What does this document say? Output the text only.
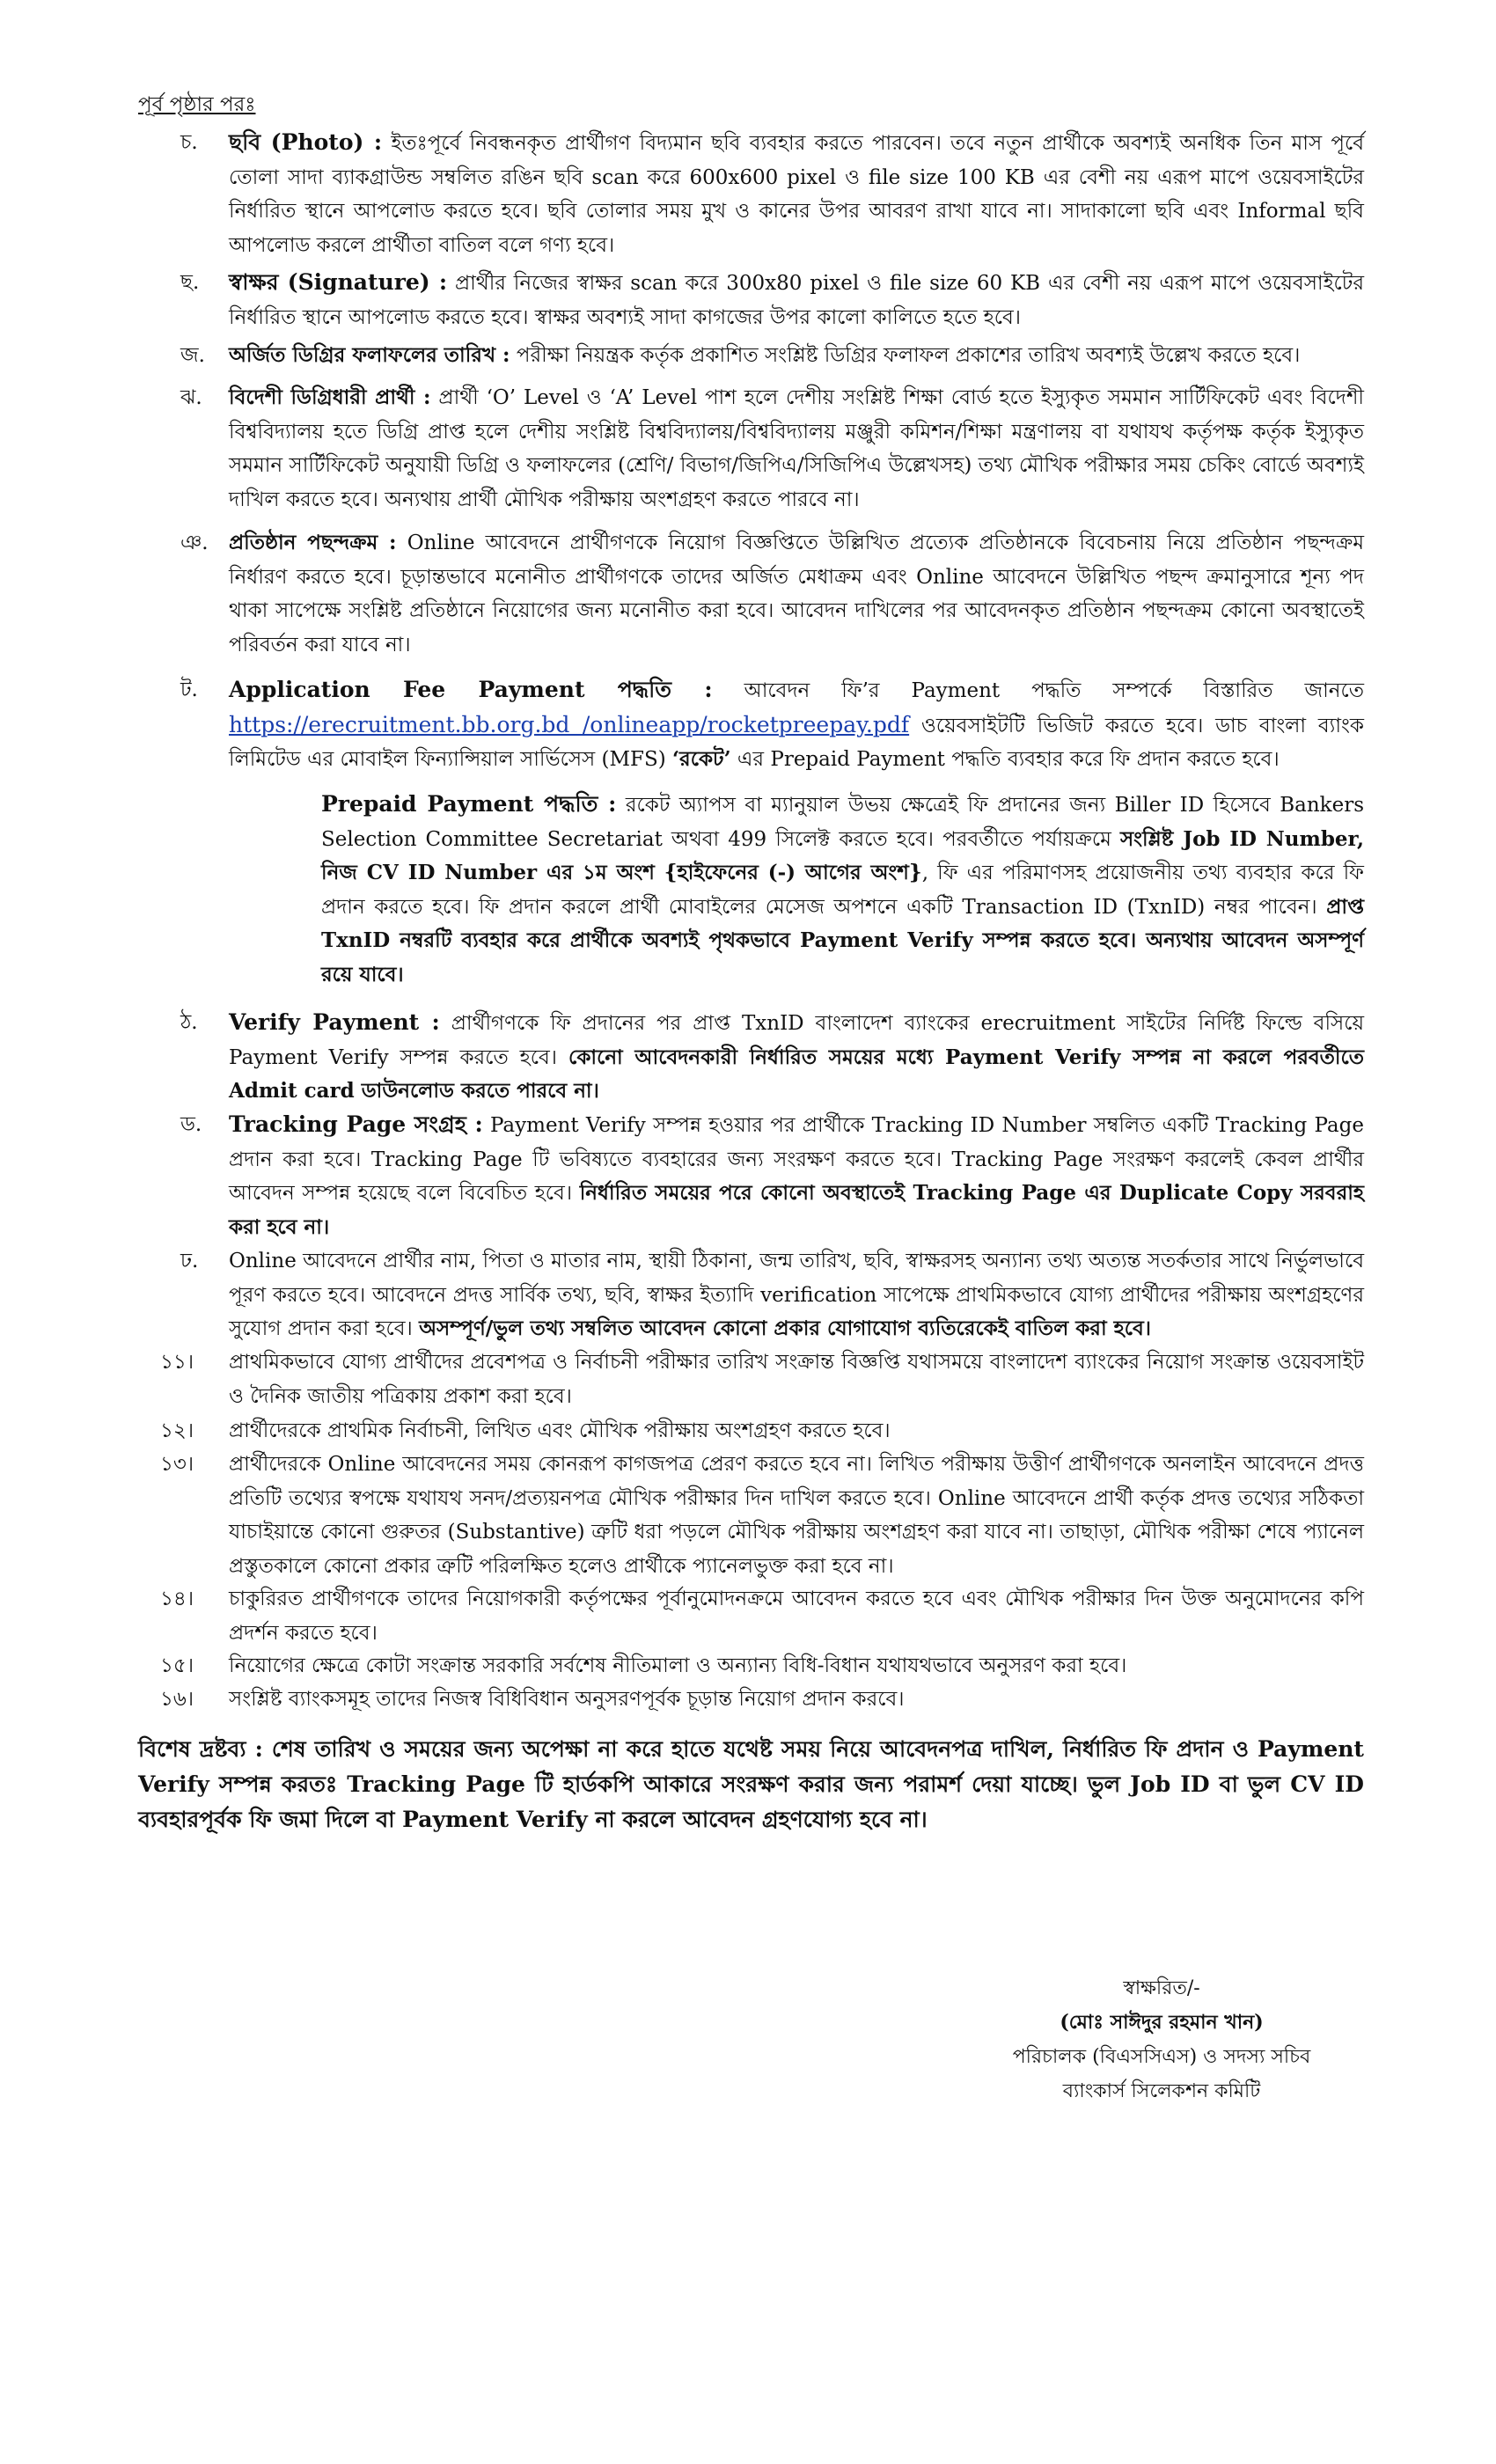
পূর্ব পৃষ্ঠার পরঃ
চ. ছবি (Photo) : ইতঃপূর্বে নিবন্ধনকৃত প্রার্থীগণ বিদ্যমান ছবি ব্যবহার করতে পারবেন। তবে নতুন প্রার্থীকে অবশ্যই অনধিক তিন মাস পূর্বে তোলা সাদা ব্যাকগ্রাউন্ড সম্বলিত রঙিন ছবি scan করে 600x600 pixel ও file size 100 KB এর বেশী নয় এরূপ মাপে ওয়েবসাইটের নির্ধারিত স্থানে আপলোড করতে হবে। ছবি তোলার সময় মুখ ও কানের উপর আবরণ রাখা যাবে না। সাদাকালো ছবি এবং Informal ছবি আপলোড করলে প্রার্থীতা বাতিল বলে গণ্য হবে।
ছ. স্বাক্ষর (Signature) : প্রার্থীর নিজের স্বাক্ষর scan করে 300x80 pixel ও file size 60 KB এর বেশী নয় এরূপ মাপে ওয়েবসাইটের নির্ধারিত স্থানে আপলোড করতে হবে। স্বাক্ষর অবশ্যই সাদা কাগজের উপর কালো কালিতে হতে হবে।
জ. অর্জিত ডিগ্রির ফলাফলের তারিখ : পরীক্ষা নিয়ন্ত্রক কর্তৃক প্রকাশিত সংশ্লিষ্ট ডিগ্রির ফলাফল প্রকাশের তারিখ অবশ্যই উল্লেখ করতে হবে।
ঝ. বিদেশী ডিগ্রিধারী প্রার্থী : প্রার্থী ‘O’ Level ও ‘A’ Level পাশ হলে দেশীয় সংশ্লিষ্ট শিক্ষা বোর্ড হতে ইস্যুকৃত সমমান সার্টিফিকেট এবং বিদেশী বিশ্ববিদ্যালয় হতে ডিগ্রি প্রাপ্ত হলে দেশীয় সংশ্লিষ্ট বিশ্ববিদ্যালয়/বিশ্ববিদ্যালয় মঞ্জুরী কমিশন/শিক্ষা মন্ত্রণালয় বা যথাযথ কর্তৃপক্ষ কর্তৃক ইস্যুকৃত সমমান সার্টিফিকেট অনুযায়ী ডিগ্রি ও ফলাফলের (শ্রেণি/ বিভাগ/জিপিএ/সিজিপিএ উল্লেখসহ) তথ্য মৌখিক পরীক্ষার সময় চেকিং বোর্ডে অবশ্যই দাখিল করতে হবে। অন্যথায় প্রার্থী মৌখিক পরীক্ষায় অংশগ্রহণ করতে পারবে না।
ঞ. প্রতিষ্ঠান পছন্দক্রম : Online আবেদনে প্রার্থীগণকে নিয়োগ বিজ্ঞপ্তিতে উল্লিখিত প্রত্যেক প্রতিষ্ঠানকে বিবেচনায় নিয়ে প্রতিষ্ঠান পছন্দক্রম নির্ধারণ করতে হবে। চূড়ান্তভাবে মনোনীত প্রার্থীগণকে তাদের অর্জিত মেধাক্রম এবং Online আবেদনে উল্লিখিত পছন্দ ক্রমানুসারে শূন্য পদ থাকা সাপেক্ষে সংশ্লিষ্ট প্রতিষ্ঠানে নিয়োগের জন্য মনোনীত করা হবে। আবেদন দাখিলের পর আবেদনকৃত প্রতিষ্ঠান পছন্দক্রম কোনো অবস্থাতেই পরিবর্তন করা যাবে না।
ট. Application Fee Payment পদ্ধতি : আবেদন ফি’র Payment পদ্ধতি সম্পর্কে বিস্তারিত জানতে https://erecruitment.bb.org.bd /onlineapp/rocketpreepay.pdf ওয়েবসাইটটি ভিজিট করতে হবে। ডাচ বাংলা ব্যাংক লিমিটেড এর মোবাইল ফিন্যান্সিয়াল সার্ভিসেস (MFS) ‘রকেট’ এর Prepaid Payment পদ্ধতি ব্যবহার করে ফি প্রদান করতে হবে।
Prepaid Payment পদ্ধতি : রকেট অ্যাপস বা ম্যানুয়াল উভয় ক্ষেত্রেই ফি প্রদানের জন্য Biller ID হিসেবে Bankers Selection Committee Secretariat অথবা 499 সিলেক্ট করতে হবে। পরবর্তীতে পর্যায়ক্রমে সংশ্লিষ্ট Job ID Number, নিজ CV ID Number এর ১ম অংশ {হাইফেনের (-) আগের অংশ}, ফি এর পরিমাণসহ প্রয়োজনীয় তথ্য ব্যবহার করে ফি প্রদান করতে হবে। ফি প্রদান করলে প্রার্থী মোবাইলের মেসেজ অপশনে একটি Transaction ID (TxnID) নম্বর পাবেন। প্রাপ্ত TxnID নম্বরটি ব্যবহার করে প্রার্থীকে অবশ্যই পৃথকভাবে Payment Verify সম্পন্ন করতে হবে। অন্যথায় আবেদন অসম্পূর্ণ রয়ে যাবে।
ঠ. Verify Payment : প্রার্থীগণকে ফি প্রদানের পর প্রাপ্ত TxnID বাংলাদেশ ব্যাংকের erecruitment সাইটের নির্দিষ্ট ফিল্ডে বসিয়ে Payment Verify সম্পন্ন করতে হবে। কোনো আবেদনকারী নির্ধারিত সময়ের মধ্যে Payment Verify সম্পন্ন না করলে পরবর্তীতে Admit card ডাউনলোড করতে পারবে না।
ড. Tracking Page সংগ্রহ : Payment Verify সম্পন্ন হওয়ার পর প্রার্থীকে Tracking ID Number সম্বলিত একটি Tracking Page প্রদান করা হবে। Tracking Page টি ভবিষ্যতে ব্যবহারের জন্য সংরক্ষণ করতে হবে। Tracking Page সংরক্ষণ করলেই কেবল প্রার্থীর আবেদন সম্পন্ন হয়েছে বলে বিবেচিত হবে। নির্ধারিত সময়ের পরে কোনো অবস্থাতেই Tracking Page এর Duplicate Copy সরবরাহ করা হবে না।
ঢ. Online আবেদনে প্রার্থীর নাম, পিতা ও মাতার নাম, স্থায়ী ঠিকানা, জন্ম তারিখ, ছবি, স্বাক্ষরসহ অন্যান্য তথ্য অত্যন্ত সতর্কতার সাথে নির্ভুলভাবে পূরণ করতে হবে। আবেদনে প্রদত্ত সার্বিক তথ্য, ছবি, স্বাক্ষর ইত্যাদি verification সাপেক্ষে প্রাথমিকভাবে যোগ্য প্রার্থীদের পরীক্ষায় অংশগ্রহণের সুযোগ প্রদান করা হবে। অসম্পূর্ণ/ভুল তথ্য সম্বলিত আবেদন কোনো প্রকার যোগাযোগ ব্যতিরেকেই বাতিল করা হবে।
১১। প্রাথমিকভাবে যোগ্য প্রার্থীদের প্রবেশপত্র ও নির্বাচনী পরীক্ষার তারিখ সংক্রান্ত বিজ্ঞপ্তি যথাসময়ে বাংলাদেশ ব্যাংকের নিয়োগ সংক্রান্ত ওয়েবসাইট ও দৈনিক জাতীয় পত্রিকায় প্রকাশ করা হবে।
১২। প্রার্থীদেরকে প্রাথমিক নির্বাচনী, লিখিত এবং মৌখিক পরীক্ষায় অংশগ্রহণ করতে হবে।
১৩। প্রার্থীদেরকে Online আবেদনের সময় কোনরূপ কাগজপত্র প্রেরণ করতে হবে না। লিখিত পরীক্ষায় উত্তীর্ণ প্রার্থীগণকে অনলাইন আবেদনে প্রদত্ত প্রতিটি তথ্যের স্বপক্ষে যথাযথ সনদ/প্রত্যয়নপত্র মৌখিক পরীক্ষার দিন দাখিল করতে হবে। Online আবেদনে প্রার্থী কর্তৃক প্রদত্ত তথ্যের সঠিকতা যাচাইয়ান্তে কোনো গুরুতর (Substantive) ত্রুটি ধরা পড়লে মৌখিক পরীক্ষায় অংশগ্রহণ করা যাবে না। তাছাড়া, মৌখিক পরীক্ষা শেষে প্যানেল প্রস্তুতকালে কোনো প্রকার ত্রুটি পরিলক্ষিত হলেও প্রার্থীকে প্যানেলভুক্ত করা হবে না।
১৪। চাকুরিরত প্রার্থীগণকে তাদের নিয়োগকারী কর্তৃপক্ষের পূর্বানুমোদনক্রমে আবেদন করতে হবে এবং মৌখিক পরীক্ষার দিন উক্ত অনুমোদনের কপি প্রদর্শন করতে হবে।
১৫। নিয়োগের ক্ষেত্রে কোটা সংক্রান্ত সরকারি সর্বশেষ নীতিমালা ও অন্যান্য বিধি-বিধান যথাযথভাবে অনুসরণ করা হবে।
১৬। সংশ্লিষ্ট ব্যাংকসমূহ তাদের নিজস্ব বিধিবিধান অনুসরণপূর্বক চূড়ান্ত নিয়োগ প্রদান করবে।
বিশেষ দ্রষ্টব্য : শেষ তারিখ ও সময়ের জন্য অপেক্ষা না করে হাতে যথেষ্ট সময় নিয়ে আবেদনপত্র দাখিল, নির্ধারিত ফি প্রদান ও Payment Verify সম্পন্ন করতঃ Tracking Page টি হার্ডকপি আকারে সংরক্ষণ করার জন্য পরামর্শ দেয়া যাচ্ছে। ভুল Job ID বা ভুল CV ID ব্যবহারপূর্বক ফি জমা দিলে বা Payment Verify না করলে আবেদন গ্রহণযোগ্য হবে না।
স্বাক্ষরিত/-
(মোঃ সাঈদুর রহমান খান)
পরিচালক (বিএসসিএস) ও সদস্য সচিব
ব্যাংকার্স সিলেকশন কমিটি
